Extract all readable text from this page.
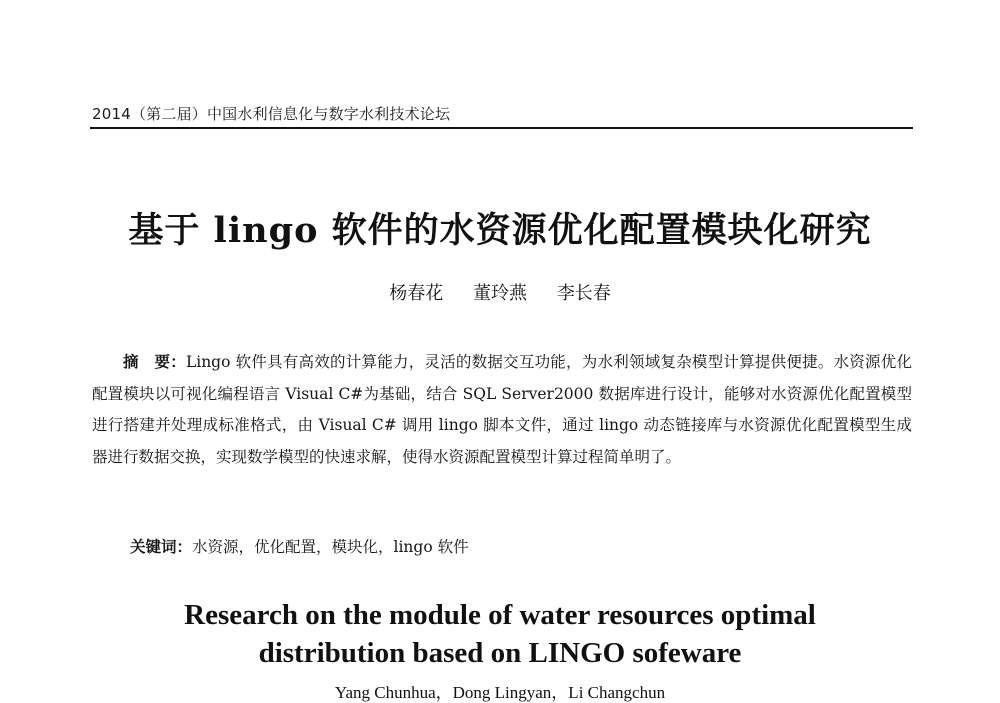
2014（第二届）中国水利信息化与数字水利技术论坛
基于 lingo 软件的水资源优化配置模块化研究
杨春花 董玲燕 李长春
摘　要：Lingo 软件具有高效的计算能力，灵活的数据交互功能，为水利领域复杂模型计算提供便捷。水资源优化配置模块以可视化编程语言 Visual C#为基础，结合 SQL Server2000 数据库进行设计，能够对水资源优化配置模型进行搭建并处理成标准格式，由 Visual C# 调用 lingo 脚本文件，通过 lingo 动态链接库与水资源优化配置模型生成器进行数据交换，实现数学模型的快速求解，使得水资源配置模型计算过程简单明了。
关键词：水资源，优化配置，模块化，lingo 软件
Research on the module of water resources optimal
distribution based on LINGO sofeware
Yang Chunhua，Dong Lingyan，Li Changchun
